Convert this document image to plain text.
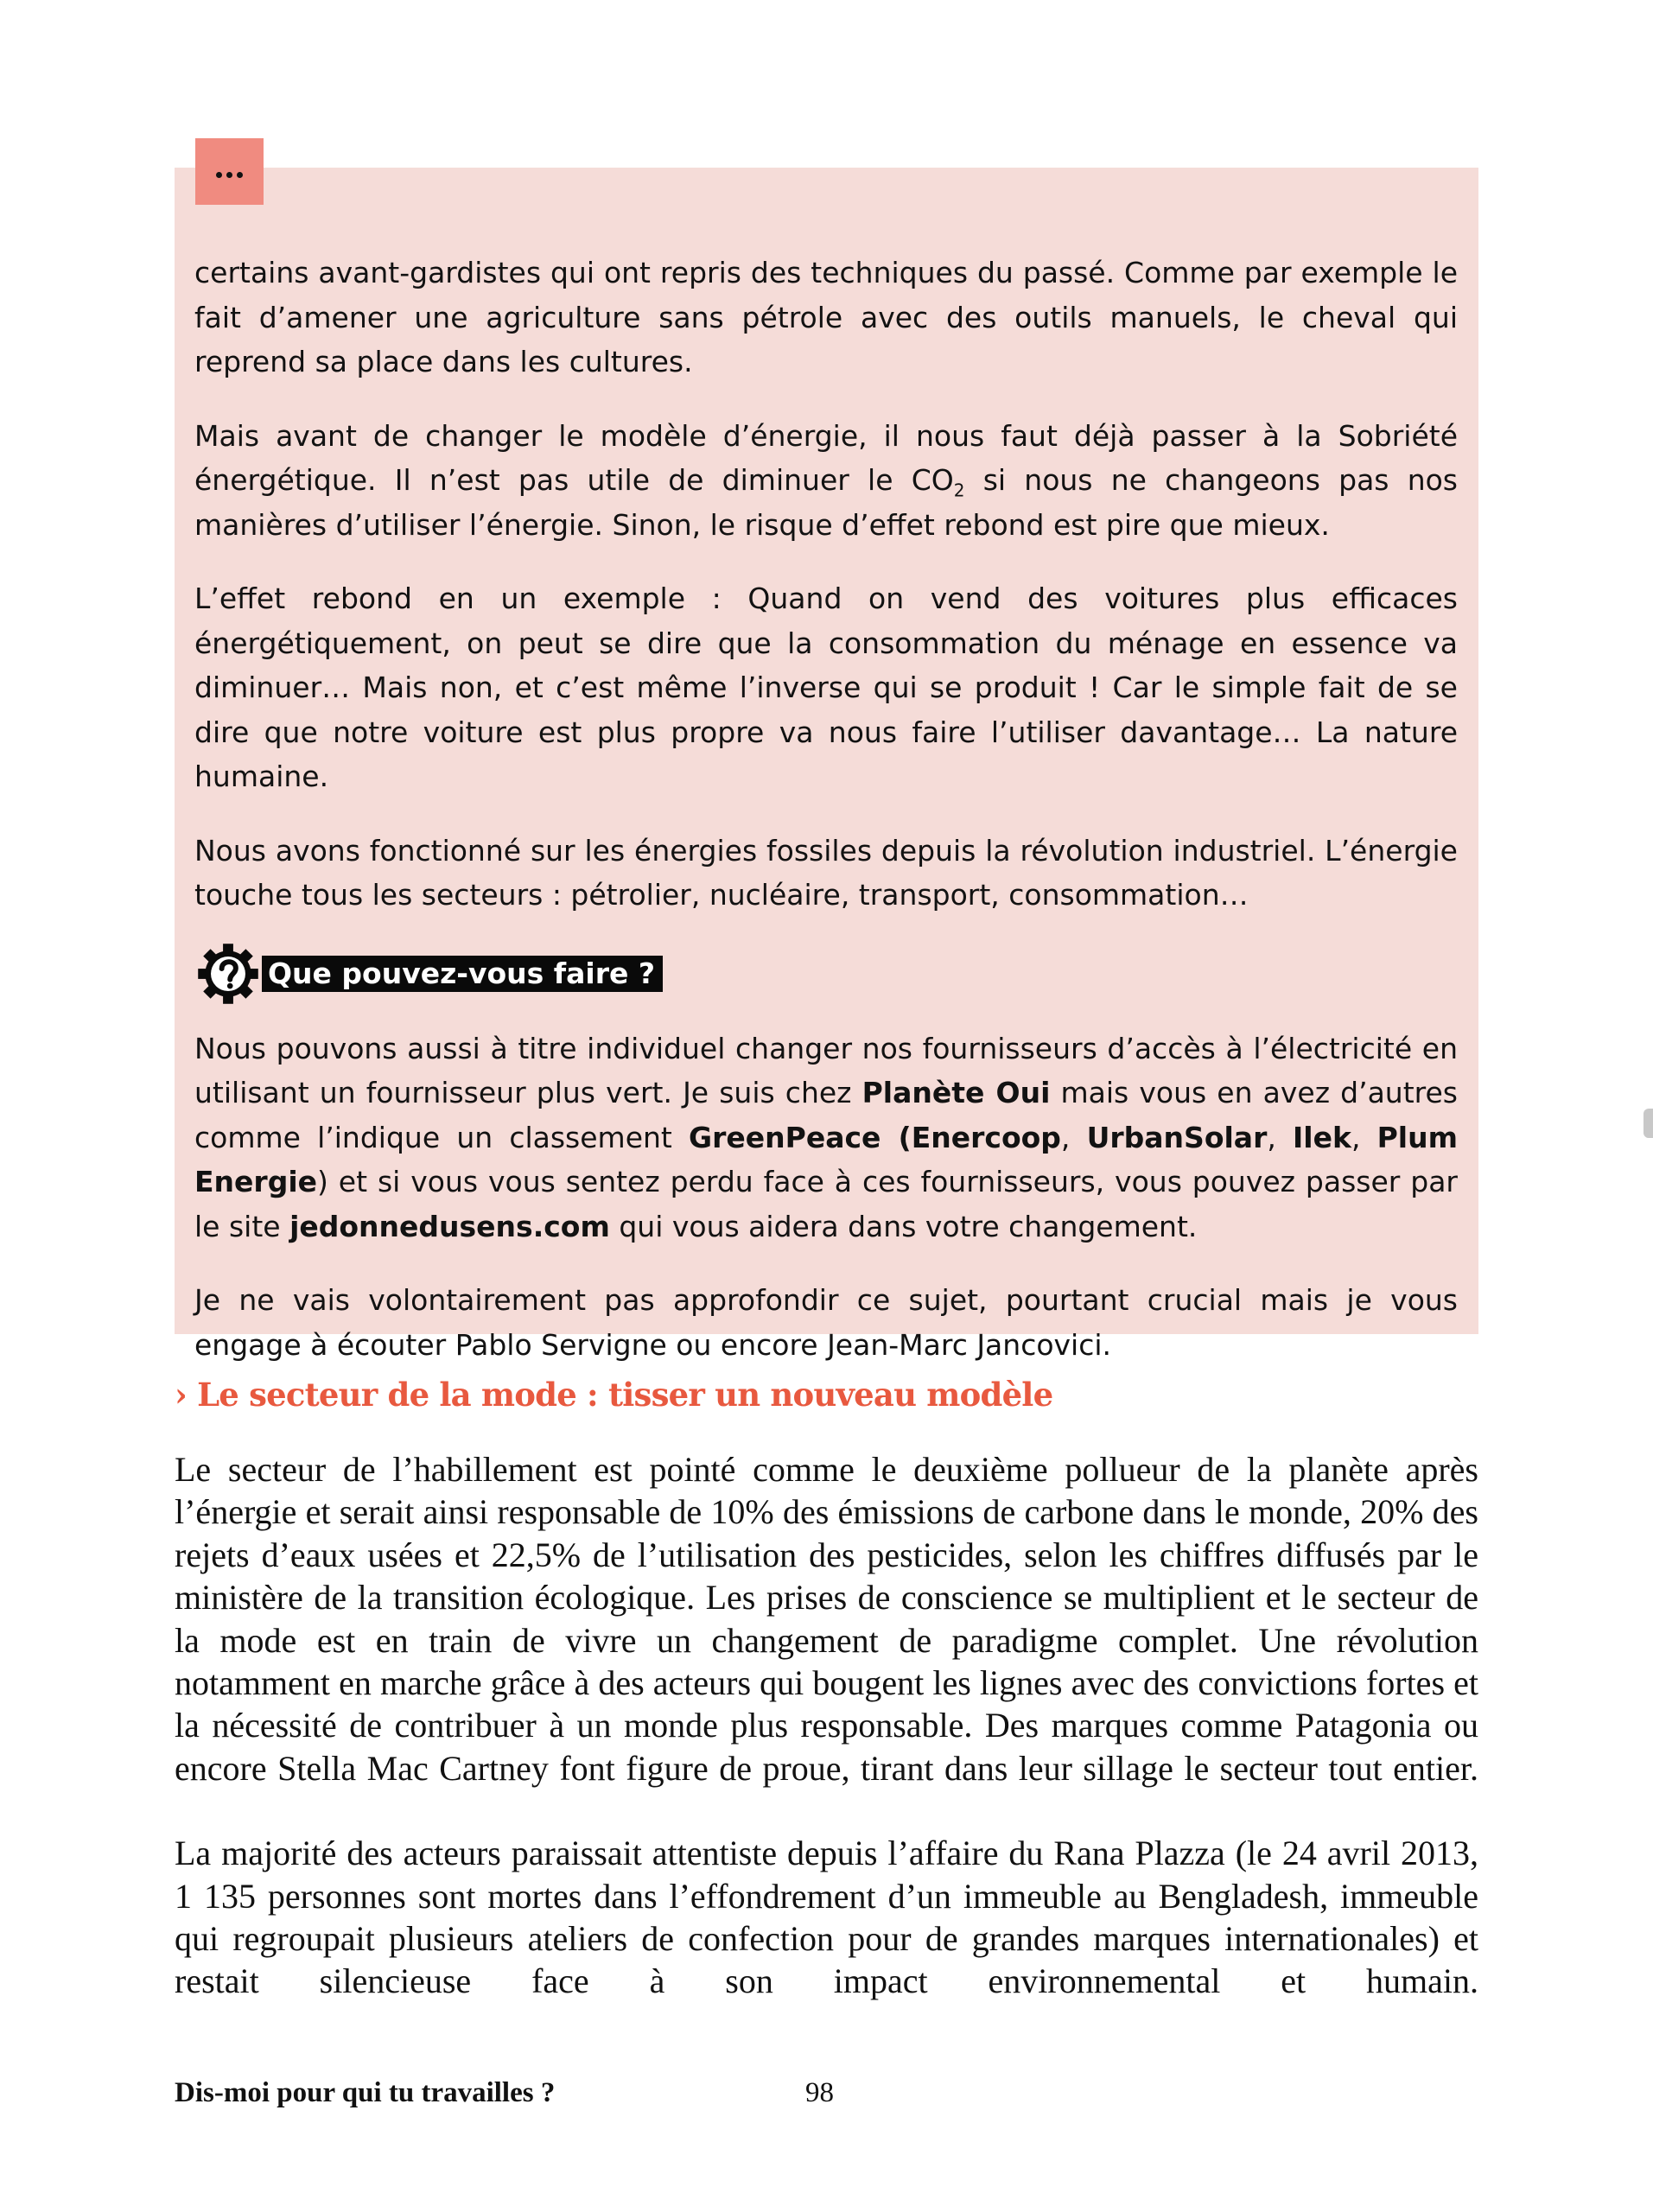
certains avant-gardistes qui ont repris des techniques du passé. Comme par exemple le fait d’amener une agriculture sans pétrole avec des outils manuels, le cheval qui reprend sa place dans les cultures.

Mais avant de changer le modèle d’énergie, il nous faut déjà passer à la Sobriété énergétique. Il n’est pas utile de diminuer le $CO_2$ si nous ne changeons pas nos manières d’utiliser l’énergie. Sinon, le risque d’effet rebond est pire que mieux.

L’effet rebond en un exemple : Quand on vend des voitures plus efficaces énergétiquement, on peut se dire que la consommation du ménage en essence va diminuer… Mais non, et c’est même l’inverse qui se produit ! Car le simple fait de se dire que notre voiture est plus propre va nous faire l’utiliser davantage… La nature humaine.

Nous avons fonctionné sur les énergies fossiles depuis la révolution industriel. L’énergie touche tous les secteurs : pétrolier, nucléaire, transport, consommation…

Que pouvez-vous faire ?

Nous pouvons aussi à titre individuel changer nos fournisseurs d’accès à l’électricité en utilisant un fournisseur plus vert. Je suis chez Planète Oui mais vous en avez d’autres comme l’indique un classement GreenPeace (Enercoop, UrbanSolar, Ilek, Plum Energie) et si vous vous sentez perdu face à ces fournisseurs, vous pouvez passer par le site jedonnedusens.com qui vous aidera dans votre changement.

Je ne vais volontairement pas approfondir ce sujet, pourtant crucial mais je vous engage à écouter Pablo Servigne ou encore Jean-Marc Jancovici.

› Le secteur de la mode : tisser un nouveau modèle

Le secteur de l’habillement est pointé comme le deuxième pollueur de la planète après l’énergie et serait ainsi responsable de 10% des émissions de carbone dans le monde, 20% des rejets d’eaux usées et 22,5% de l’utilisation des pesticides, selon les chiffres diffusés par le ministère de la transition écologique. Les prises de conscience se multiplient et le secteur de la mode est en train de vivre un changement de paradigme complet. Une révolution notamment en marche grâce à des acteurs qui bougent les lignes avec des convictions fortes et la nécessité de contribuer à un monde plus responsable. Des marques comme Patagonia ou encore Stella Mac Cartney font figure de proue, tirant dans leur sillage le secteur tout entier.

La majorité des acteurs paraissait attentiste depuis l’affaire du Rana Plazza (le 24 avril 2013, 1 135 personnes sont mortes dans l’effondrement d’un immeuble au Bengladesh, immeuble qui regroupait plusieurs ateliers de confection pour de grandes marques internationales) et restait silencieuse face à son impact environnemental et humain.

Dis-moi pour qui tu travailles ?	98
